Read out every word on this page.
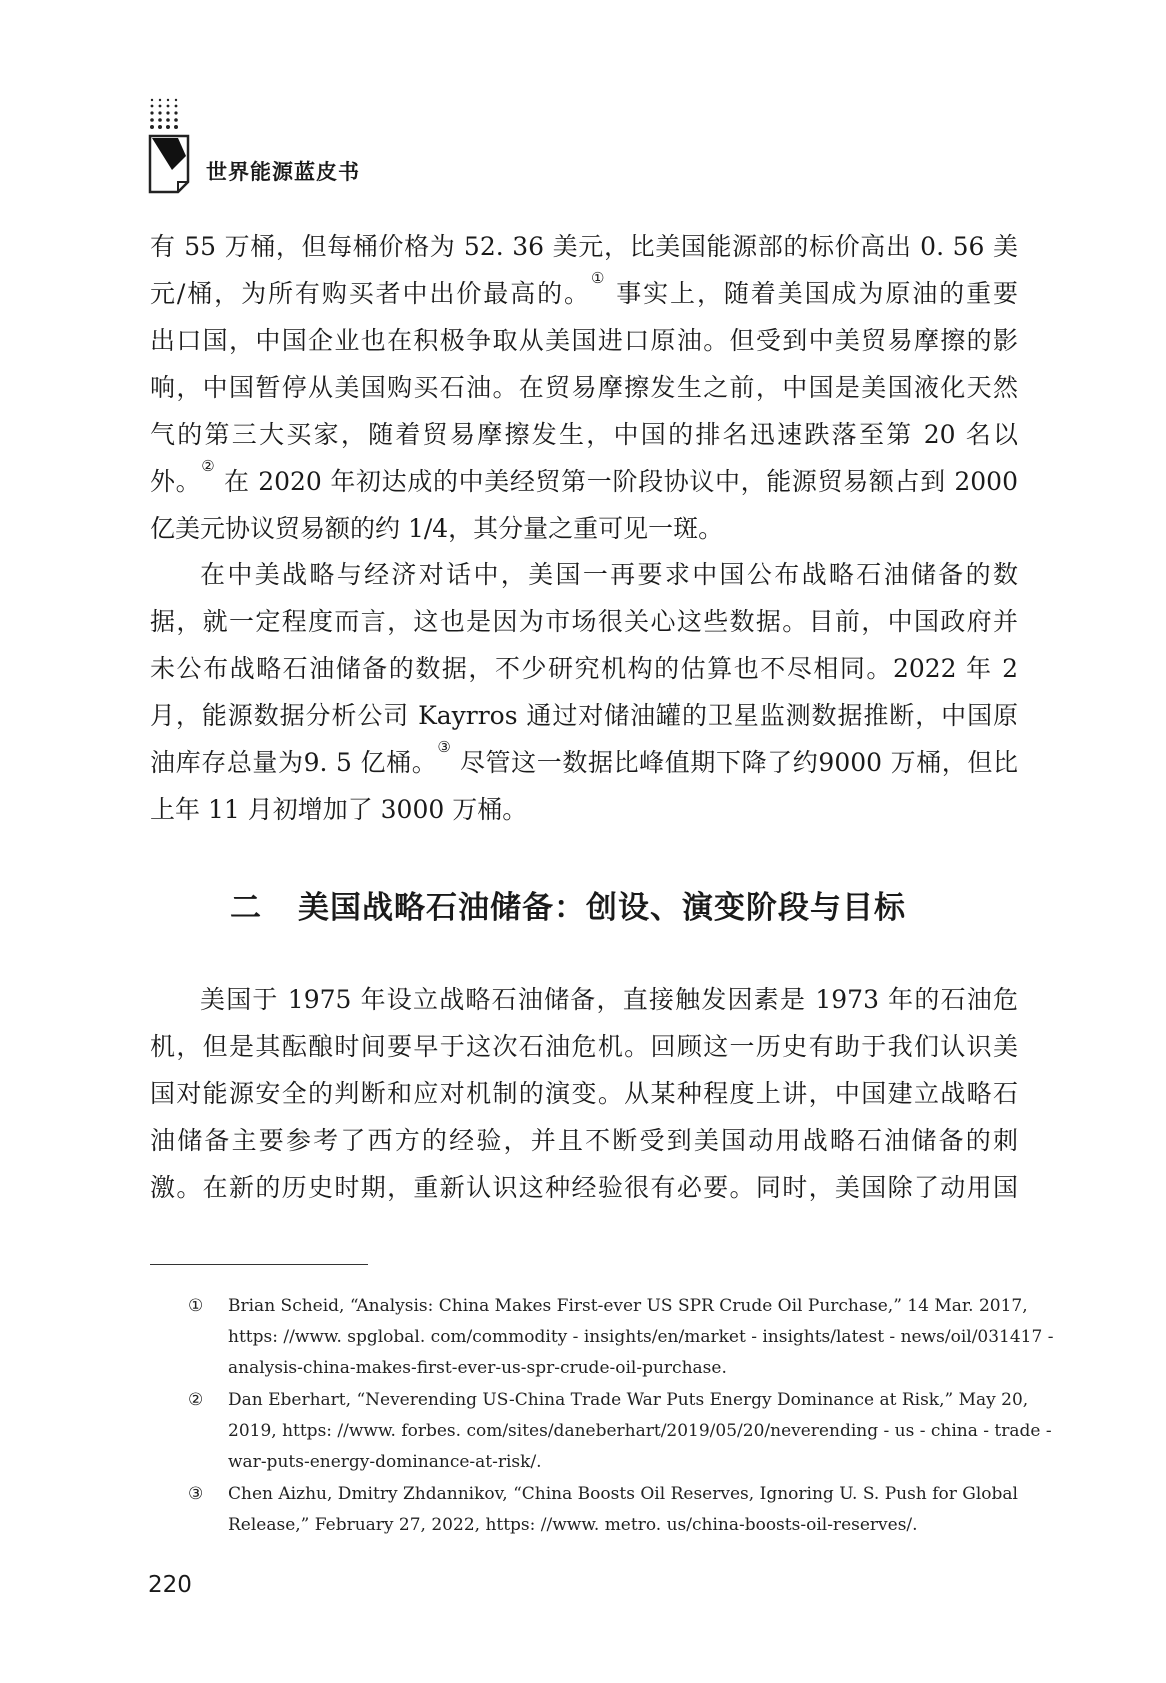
世界能源蓝皮书
有 55 万桶，但每桶价格为 52. 36 美元，比美国能源部的标价高出 0. 56 美
元/桶，为所有购买者中出价最高的。① 事实上，随着美国成为原油的重要
出口国，中国企业也在积极争取从美国进口原油。但受到中美贸易摩擦的影
响，中国暂停从美国购买石油。在贸易摩擦发生之前，中国是美国液化天然
气的第三大买家，随着贸易摩擦发生，中国的排名迅速跌落至第 20 名以
外。② 在 2020 年初达成的中美经贸第一阶段协议中，能源贸易额占到 2000
亿美元协议贸易额的约 1/4，其分量之重可见一斑。
在中美战略与经济对话中，美国一再要求中国公布战略石油储备的数
据，就一定程度而言，这也是因为市场很关心这些数据。目前，中国政府并
未公布战略石油储备的数据，不少研究机构的估算也不尽相同。2022 年 2
月，能源数据分析公司 Kayrros 通过对储油罐的卫星监测数据推断，中国原
油库存总量为9. 5 亿桶。③ 尽管这一数据比峰值期下降了约9000 万桶，但比
上年 11 月初增加了 3000 万桶。
二 美国战略石油储备：创设、演变阶段与目标
美国于 1975 年设立战略石油储备，直接触发因素是 1973 年的石油危
机，但是其酝酿时间要早于这次石油危机。回顾这一历史有助于我们认识美
国对能源安全的判断和应对机制的演变。从某种程度上讲，中国建立战略石
油储备主要参考了西方的经验，并且不断受到美国动用战略石油储备的刺
激。在新的历史时期，重新认识这种经验很有必要。同时，美国除了动用国
① Brian Scheid, “Analysis: China Makes First-ever US SPR Crude Oil Purchase,” 14 Mar. 2017,
https: //www. spglobal. com/commodity - insights/en/market - insights/latest - news/oil/031417 -
analysis-china-makes-first-ever-us-spr-crude-oil-purchase.
② Dan Eberhart, “Neverending US-China Trade War Puts Energy Dominance at Risk,” May 20,
2019, https: //www. forbes. com/sites/daneberhart/2019/05/20/neverending - us - china - trade -
war-puts-energy-dominance-at-risk/.
③ Chen Aizhu, Dmitry Zhdannikov, “China Boosts Oil Reserves, Ignoring U. S. Push for Global
Release,” February 27, 2022, https: //www. metro. us/china-boosts-oil-reserves/.
220
